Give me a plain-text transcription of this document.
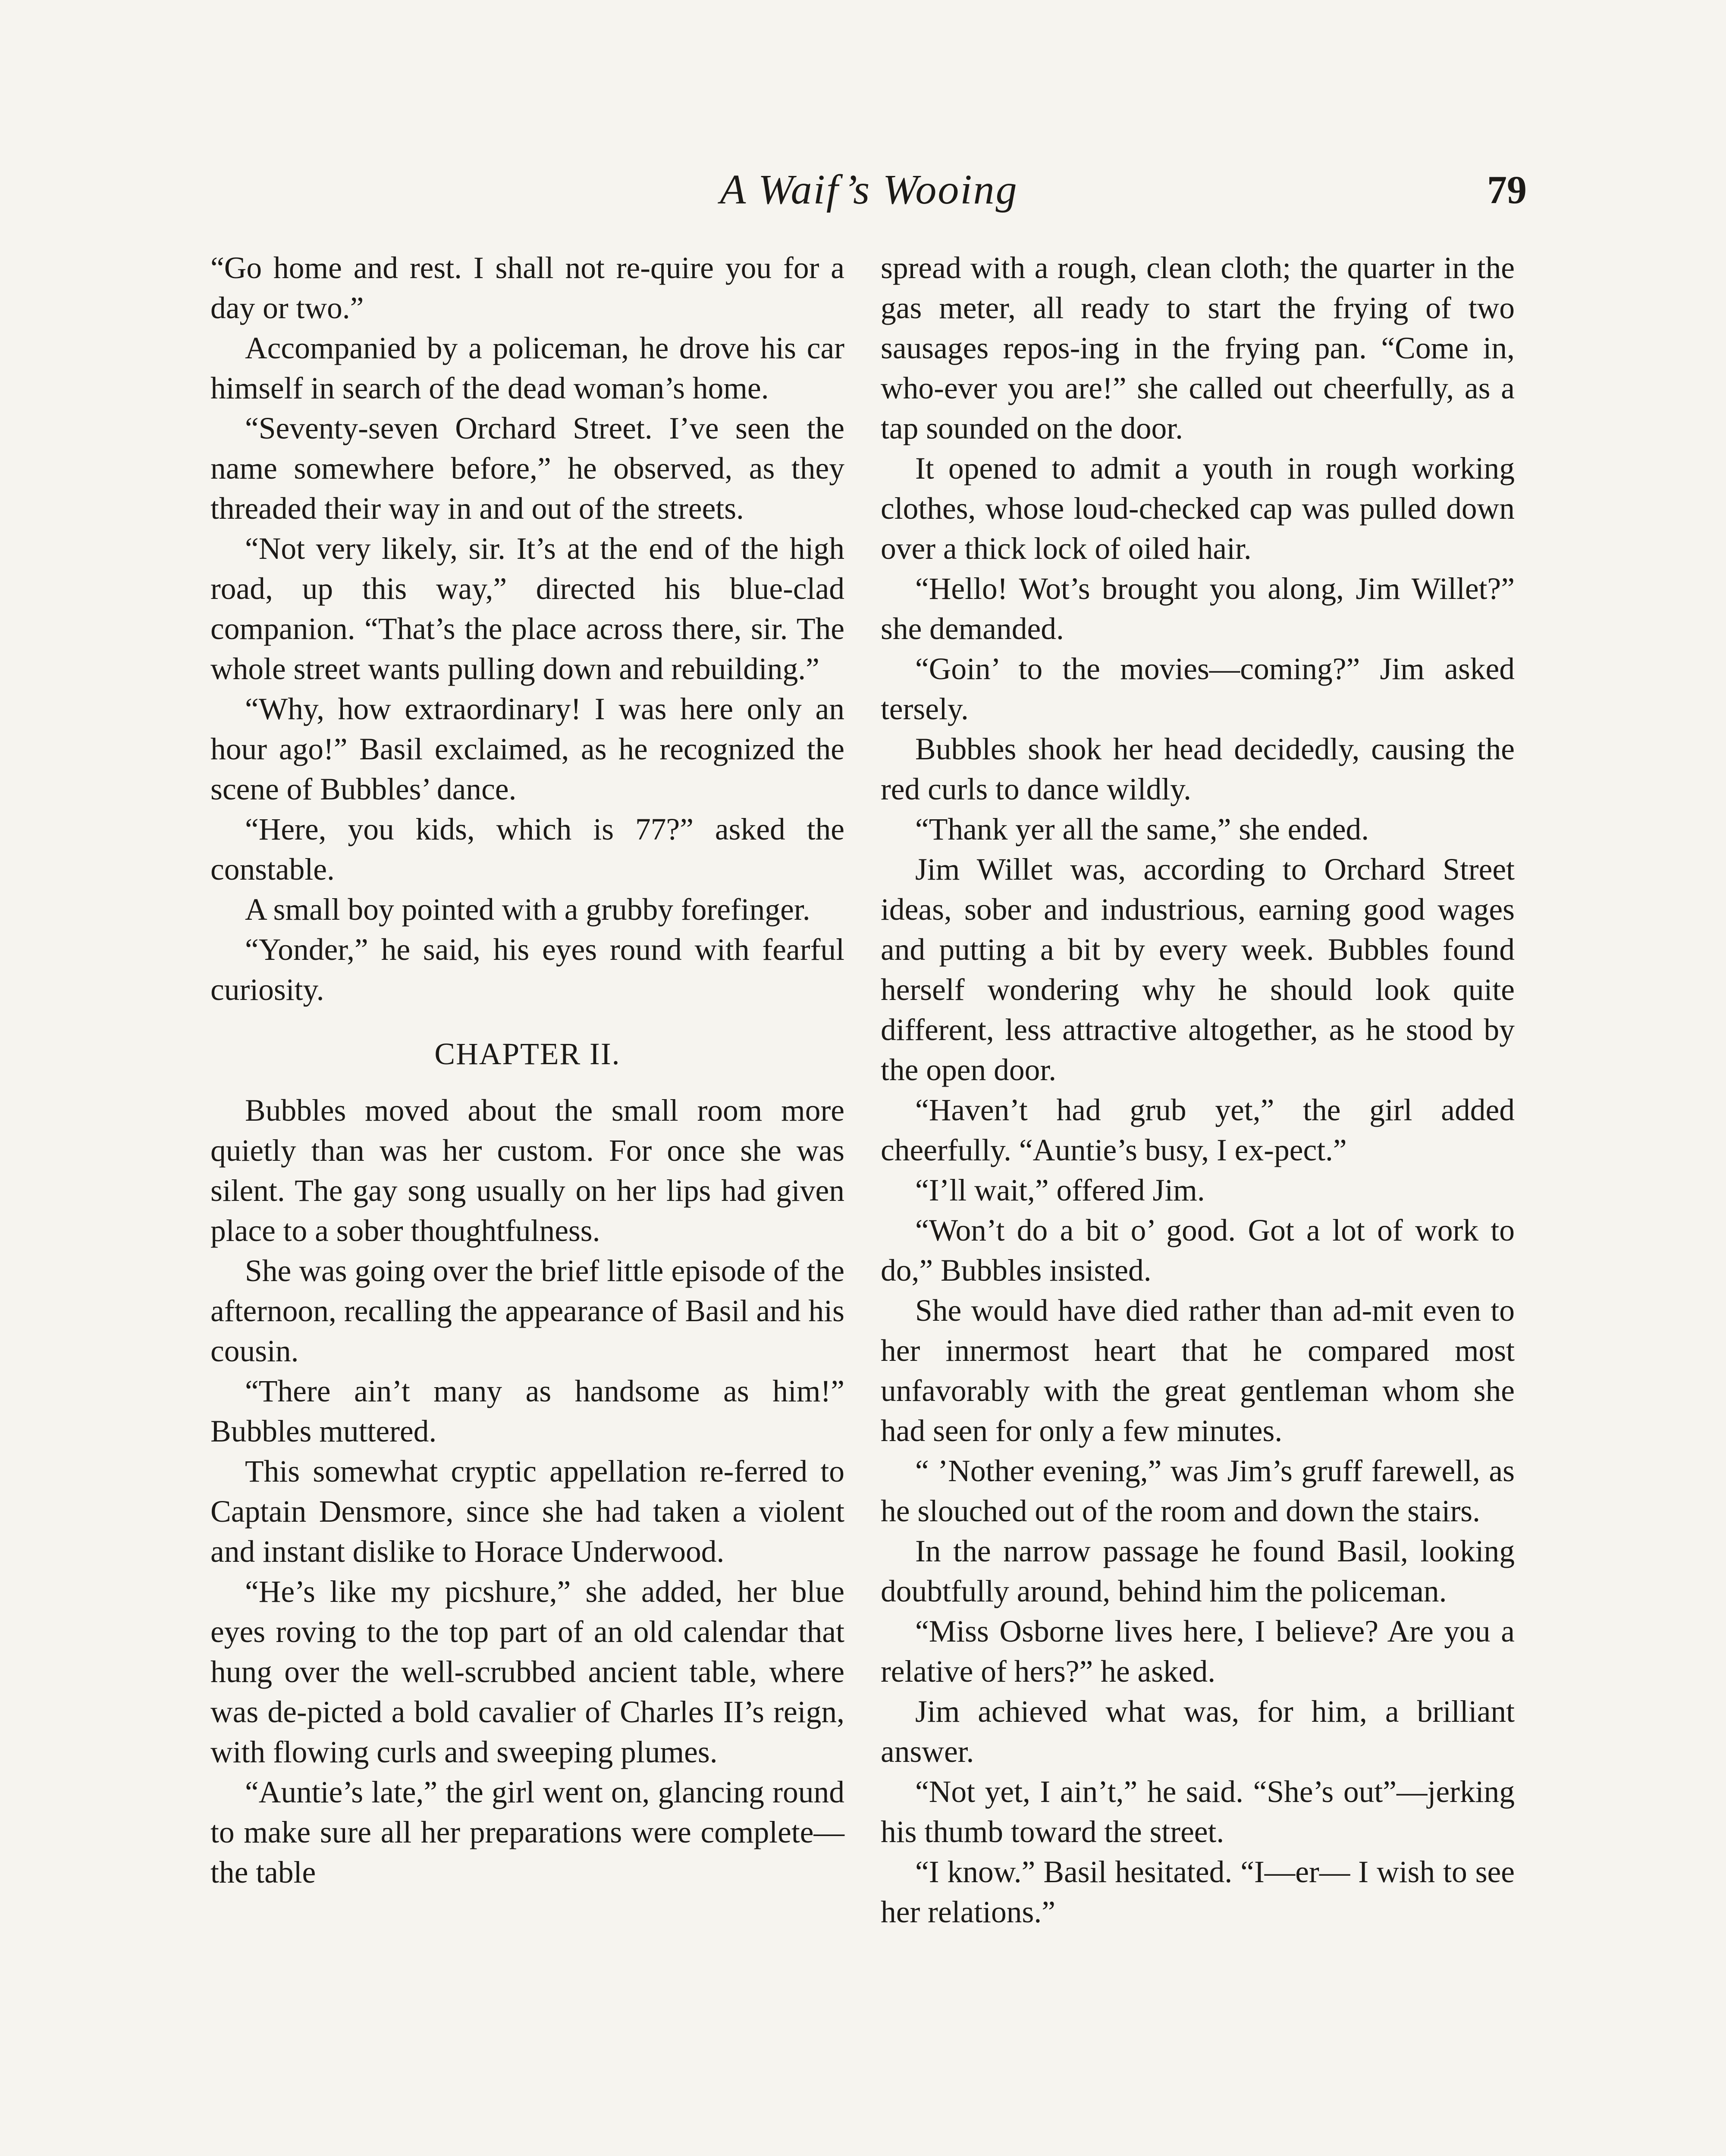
A Waif’s Wooing	79

“Go home and rest. I shall not re-quire you for a day or two.”

Accompanied by a policeman, he drove his car himself in search of the dead woman’s home.

“Seventy-seven Orchard Street. I’ve seen the name somewhere before,” he observed, as they threaded their way in and out of the streets.

“Not very likely, sir. It’s at the end of the high road, up this way,” directed his blue-clad companion. “That’s the place across there, sir. The whole street wants pulling down and rebuilding.”

“Why, how extraordinary! I was here only an hour ago!” Basil exclaimed, as he recognized the scene of Bubbles’ dance.

“Here, you kids, which is 77?” asked the constable.

A small boy pointed with a grubby forefinger.

“Yonder,” he said, his eyes round with fearful curiosity.

CHAPTER II.

Bubbles moved about the small room more quietly than was her custom. For once she was silent. The gay song usually on her lips had given place to a sober thoughtfulness.

She was going over the brief little episode of the afternoon, recalling the appearance of Basil and his cousin.

“There ain’t many as handsome as him!” Bubbles muttered.

This somewhat cryptic appellation re-ferred to Captain Densmore, since she had taken a violent and instant dislike to Horace Underwood.

“He’s like my picshure,” she added, her blue eyes roving to the top part of an old calendar that hung over the well-scrubbed ancient table, where was de-picted a bold cavalier of Charles II’s reign, with flowing curls and sweeping plumes.

“Auntie’s late,” the girl went on, glancing round to make sure all her preparations were complete—the table

spread with a rough, clean cloth; the quarter in the gas meter, all ready to start the frying of two sausages repos-ing in the frying pan. “Come in, who-ever you are!” she called out cheerfully, as a tap sounded on the door.

It opened to admit a youth in rough working clothes, whose loud-checked cap was pulled down over a thick lock of oiled hair.

“Hello! Wot’s brought you along, Jim Willet?” she demanded.

“Goin’ to the movies—coming?” Jim asked tersely.

Bubbles shook her head decidedly, causing the red curls to dance wildly.

“Thank yer all the same,” she ended.

Jim Willet was, according to Orchard Street ideas, sober and industrious, earning good wages and putting a bit by every week. Bubbles found herself wondering why he should look quite different, less attractive altogether, as he stood by the open door.

“Haven’t had grub yet,” the girl added cheerfully. “Auntie’s busy, I ex-pect.”

“I’ll wait,” offered Jim.

“Won’t do a bit o’ good. Got a lot of work to do,” Bubbles insisted.

She would have died rather than ad-mit even to her innermost heart that he compared most unfavorably with the great gentleman whom she had seen for only a few minutes.

“ ’Nother evening,” was Jim’s gruff farewell, as he slouched out of the room and down the stairs.

In the narrow passage he found Basil, looking doubtfully around, behind him the policeman.

“Miss Osborne lives here, I believe? Are you a relative of hers?” he asked.

Jim achieved what was, for him, a brilliant answer.

“Not yet, I ain’t,” he said. “She’s out”—jerking his thumb toward the street.

“I know.” Basil hesitated. “I—er— I wish to see her relations.”
